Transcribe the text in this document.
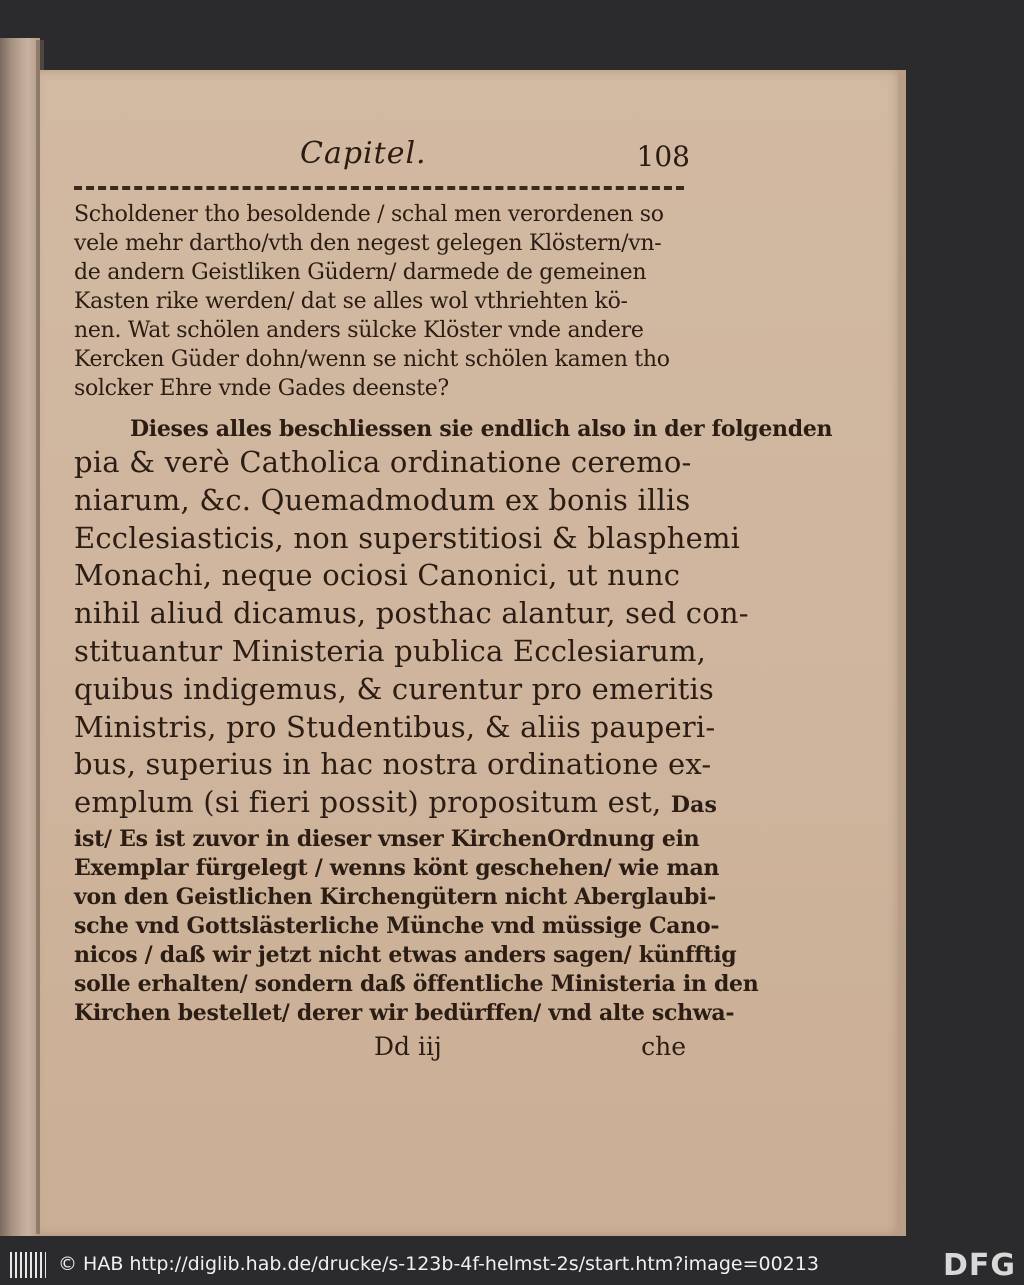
Capitel.	108
Scholdener tho besoldende / schal men verordenen so
vele mehr dartho/vth den negest gelegen Klöstern/vn-
de andern Geistliken Güdern/ darmede de gemeinen
Kasten rike werden/ dat se alles wol vthriehten kö-
nen. Wat schölen anders sülcke Klöster vnde andere
Kercken Güder dohn/wenn se nicht schölen kamen tho
solcker Ehre vnde Gades deenste?
Dieses alles beschliessen sie endlich also in der folgenden
pia & verè Catholica ordinatione ceremo-
niarum, &c. Quemadmodum ex bonis illis
Ecclesiasticis, non superstitiosi & blasphemi
Monachi, neque ociosi Canonici, ut nunc
nihil aliud dicamus, posthac alantur, sed con-
stituantur Ministeria publica Ecclesiarum,
quibus indigemus, & curentur pro emeritis
Ministris, pro Studentibus, & aliis pauperi-
bus, superius in hac nostra ordinatione ex-
emplum (si fieri possit) propositum est, Das
ist/ Es ist zuvor in dieser vnser KirchenOrdnung ein
Exemplar fürgelegt / wenns könt geschehen/ wie man
von den Geistlichen Kirchengütern nicht Aberglaubi-
sche vnd Gottslästerliche Münche vnd müssige Cano-
nicos / daß wir jetzt nicht etwas anders sagen/ künfftig
solle erhalten/ sondern daß öffentliche Ministeria in den
Kirchen bestellet/ derer wir bedürffen/ vnd alte schwa-
Dd iij	che
© HAB http://diglib.hab.de/drucke/s-123b-4f-helmst-2s/start.htm?image=00213	DFG
